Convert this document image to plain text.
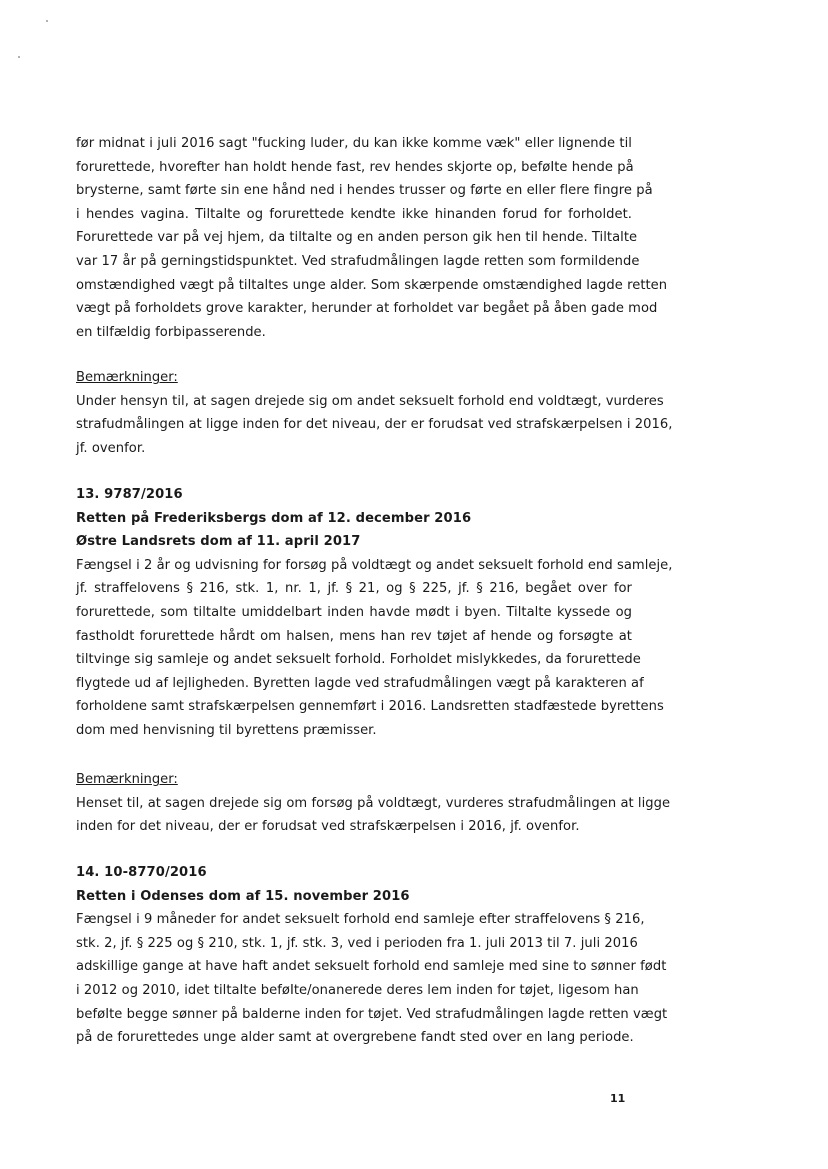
før midnat i juli 2016 sagt "fucking luder, du kan ikke komme væk" eller lignende til
forurettede, hvorefter han holdt hende fast, rev hendes skjorte op, beføIte hende på
brysterne, samt førte sin ene hånd ned i hendes trusser og førte en eller flere fingre på
i hendes vagina. Tiltalte og forurettede kendte ikke hinanden forud for forholdet.
Forurettede var på vej hjem, da tiltalte og en anden person gik hen til hende. Tiltalte
var 17 år på gerningstidspunktet. Ved strafudmålingen lagde retten som formildende
omstændighed vægt på tiltaltes unge alder. Som skærpende omstændighed lagde retten
vægt på forholdets grove karakter, herunder at forholdet var begået på åben gade mod
en tilfældig forbipasserende.

Bemærkninger:

Under hensyn til, at sagen drejede sig om andet seksuelt forhold end voldtægt, vurderes
strafudmålingen at ligge inden for det niveau, der er forudsat ved strafskærpelsen i 2016,
jf. ovenfor.

13. 9787/2016

Retten på Frederiksbergs dom af 12. december 2016

Østre Landsrets dom af 11. april 2017

Fængsel i 2 år og udvisning for forsøg på voldtægt og andet seksuelt forhold end samleje,
jf. straffelovens § 216, stk. 1, nr. 1, jf. § 21, og § 225, jf. § 216, begået over for
forurettede, som tiltalte umiddelbart inden havde mødt i byen. Tiltalte kyssede og
fastholdt forurettede hårdt om halsen, mens han rev tøjet af hende og forsøgte at
tiltvinge sig samleje og andet seksuelt forhold. Forholdet mislykkedes, da forurettede
flygtede ud af lejligheden. Byretten lagde ved strafudmålingen vægt på karakteren af
forholdene samt strafskærpelsen gennemført i 2016. Landsretten stadfæstede byrettens
dom med henvisning til byrettens præmisser.

Bemærkninger:

Henset til, at sagen drejede sig om forsøg på voldtægt, vurderes strafudmålingen at ligge
inden for det niveau, der er forudsat ved strafskærpelsen i 2016, jf. ovenfor.

14. 10-8770/2016

Retten i Odenses dom af 15. november 2016

Fængsel i 9 måneder for andet seksuelt forhold end samleje efter straffelovens § 216,
stk. 2, jf. § 225 og § 210, stk. 1, jf. stk. 3, ved i perioden fra 1. juli 2013 til 7. juli 2016
adskillige gange at have haft andet seksuelt forhold end samleje med sine to sønner født
i 2012 og 2010, idet tiltalte beføIte/onanerede deres lem inden for tøjet, ligesom han
beføIte begge sønner på balderne inden for tøjet. Ved strafudmålingen lagde retten vægt
på de forurettedes unge alder samt at overgrebene fandt sted over en lang periode.

11
